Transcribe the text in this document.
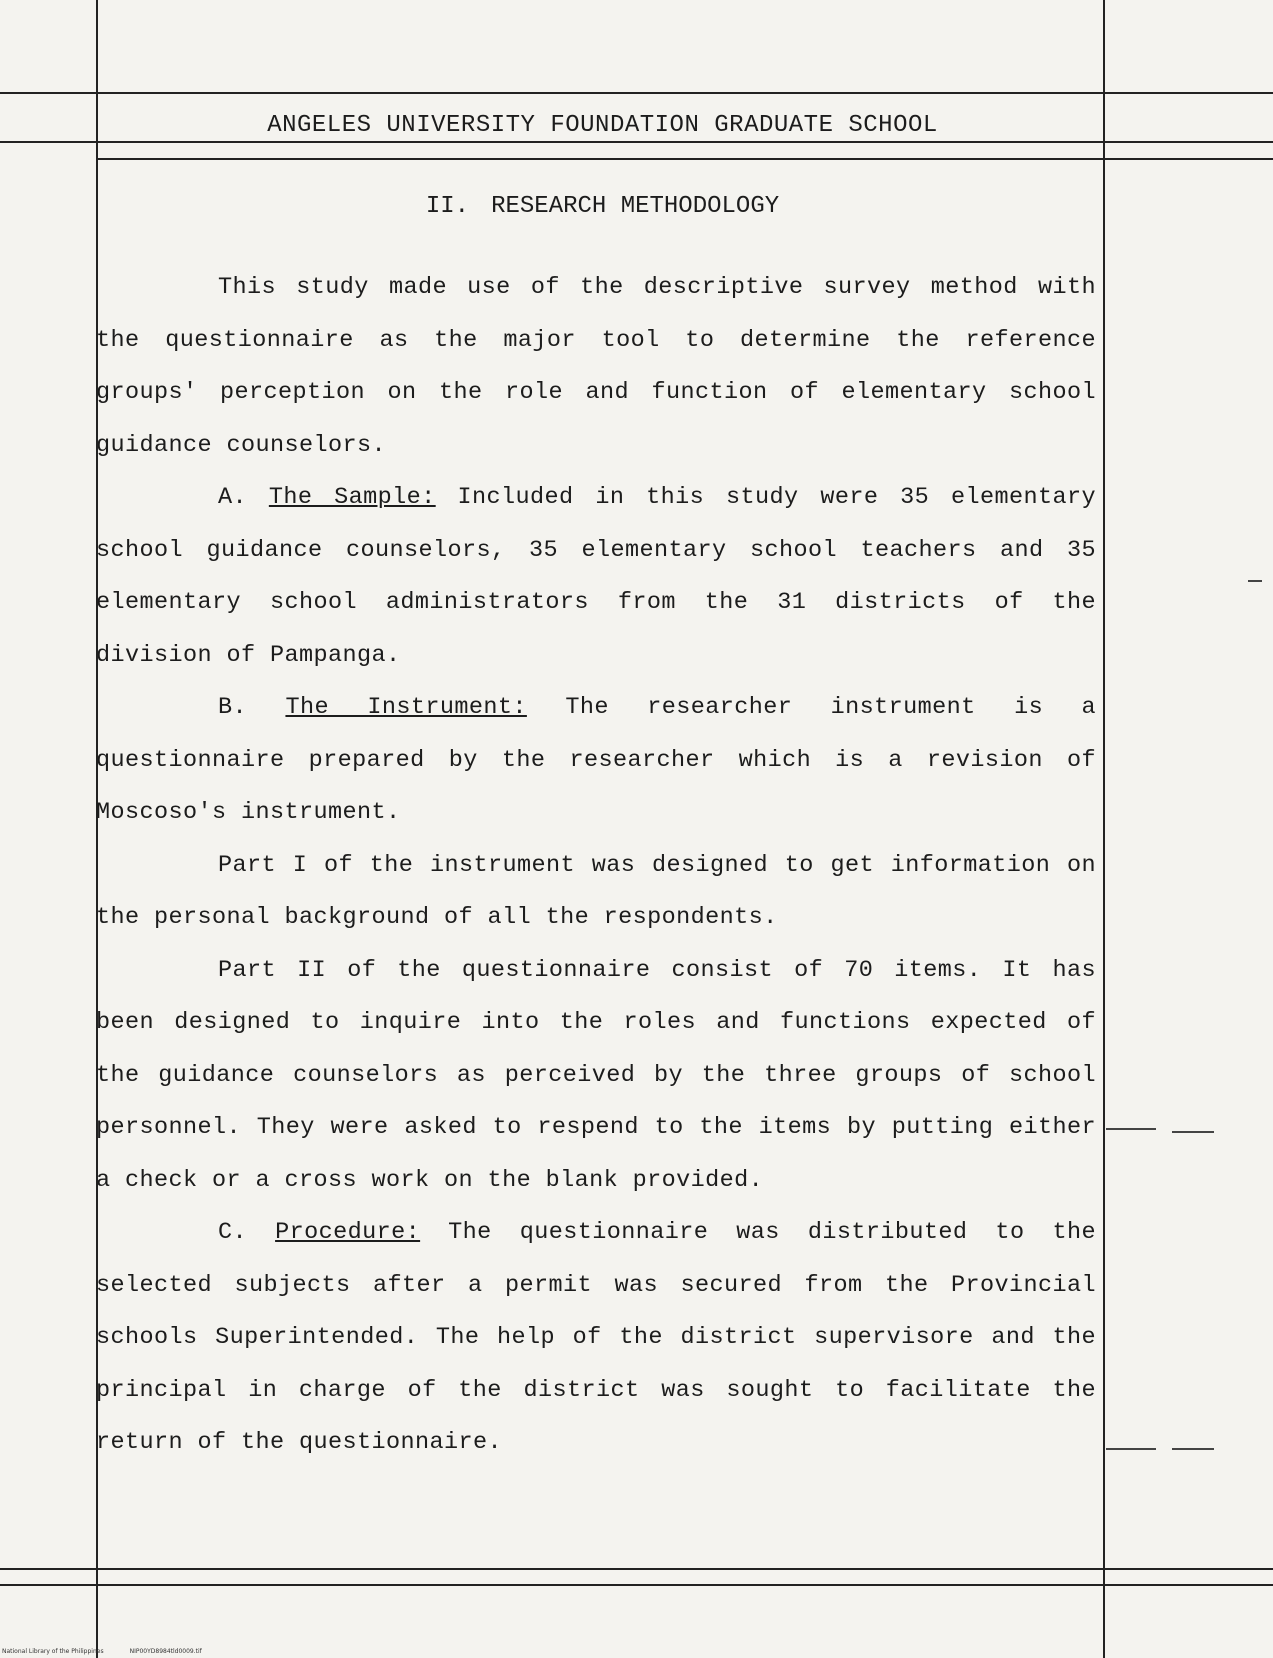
ANGELES UNIVERSITY FOUNDATION GRADUATE SCHOOL
II. RESEARCH METHODOLOGY

This study made use of the descriptive survey method with the questionnaire as the major tool to determine the reference groups' perception on the role and function of elementary school guidance counselors.

A. The Sample: Included in this study were 35 elementary school guidance counselors, 35 elementary school teachers and 35 elementary school administrators from the 31 districts of the division of Pampanga.

B. The Instrument: The researcher instrument is a questionnaire prepared by the researcher which is a revision of Moscoso's instrument.

Part I of the instrument was designed to get information on the personal background of all the respondents.

Part II of the questionnaire consist of 70 items. It has been designed to inquire into the roles and functions expected of the guidance counselors as perceived by the three groups of school personnel. They were asked to respend to the items by putting either a check or a cross work on the blank provided.

C. Procedure: The questionnaire was distributed to the selected subjects after a permit was secured from the Provincial schools Superintended. The help of the district supervisore and the principal in charge of the district was sought to facilitate the return of the questionnaire.

National Library of the Philippines	NIP00YD8984tld0009.tif
